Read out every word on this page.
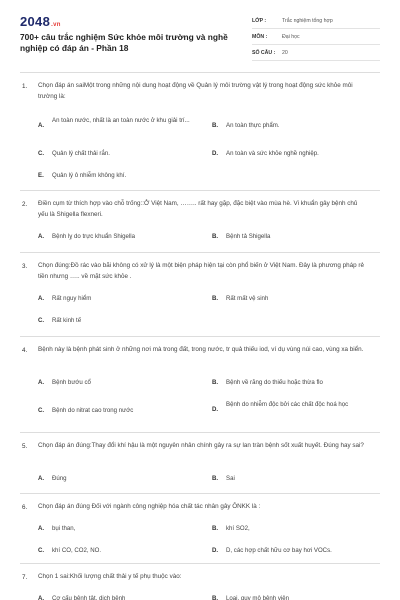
2048.vn
700+ câu trắc nghiệm Sức khỏe môi trường và nghề nghiệp có đáp án - Phần 18
LỚP :	Trắc nghiệm tổng hợp
MÔN :	Đại học
SỐ CÂU :	20
1. Chọn đáp án saiMột trong những nội dung hoạt động về Quản lý môi trường vật lý trong hoạt động sức khỏe môi trường là:
A.
An toàn nước, nhất là an toàn nước ở khu giải trí...
B. An toàn thực phẩm.
C. Quản lý chất thải rắn.	D. An toàn và sức khỏe nghề nghiệp.
E. Quản lý ô nhiễm không khí.
2. Điền cụm từ thích hợp vào chỗ trống::Ở Việt Nam, …….. rất hay gặp, đặc biệt vào mùa hè. Vi khuẩn gây bệnh chủ yếu là Shigella flexneri.
A. Bệnh lỵ do trực khuẩn Shigella	B. Bệnh tả Shigella
3. Chọn đúng:Đồ rác vào bãi không có xử lý là một biện pháp hiện tại còn phổ biến ở Việt Nam. Đây là phương pháp rẻ tiền nhưng ….. về mặt sức khỏe .
A. Rất nguy hiểm	B. Rất mất vệ sinh
C. Rất kinh tế
4. Bệnh này là bệnh phát sinh ở những nơi mà trong đất, trong nước, tr quả thiếu iod, ví dụ vùng núi cao, vùng xa biển.
A. Bệnh bướu cổ	B. Bệnh về răng do thiếu hoặc thừa flo
C. Bệnh do nitrat cao trong nước	D.
Bệnh do nhiễm độc bởi các chất độc hoá học
5. Chọn đáp án đúng:Thay đổi khí hậu là một nguyên nhân chính gây ra sự lan tràn bệnh sốt xuất huyết. Đúng hay sai?
A. Đúng	B. Sai
6. Chọn đáp án đúng Đối với ngành công nghiệp hóa chất tác nhân gây ÔNKK là :
A. bụi than,	B. khí SO2,
C. khí CO, CO2, NO.	D. D, các hợp chất hữu cơ bay hơi VOCs.
7. Chọn 1 sai:Khối lượng chất thải y tế phụ thuộc vào:
A. Cơ cấu bệnh tật, dịch bệnh	B. Loại, quy mô bệnh viện
